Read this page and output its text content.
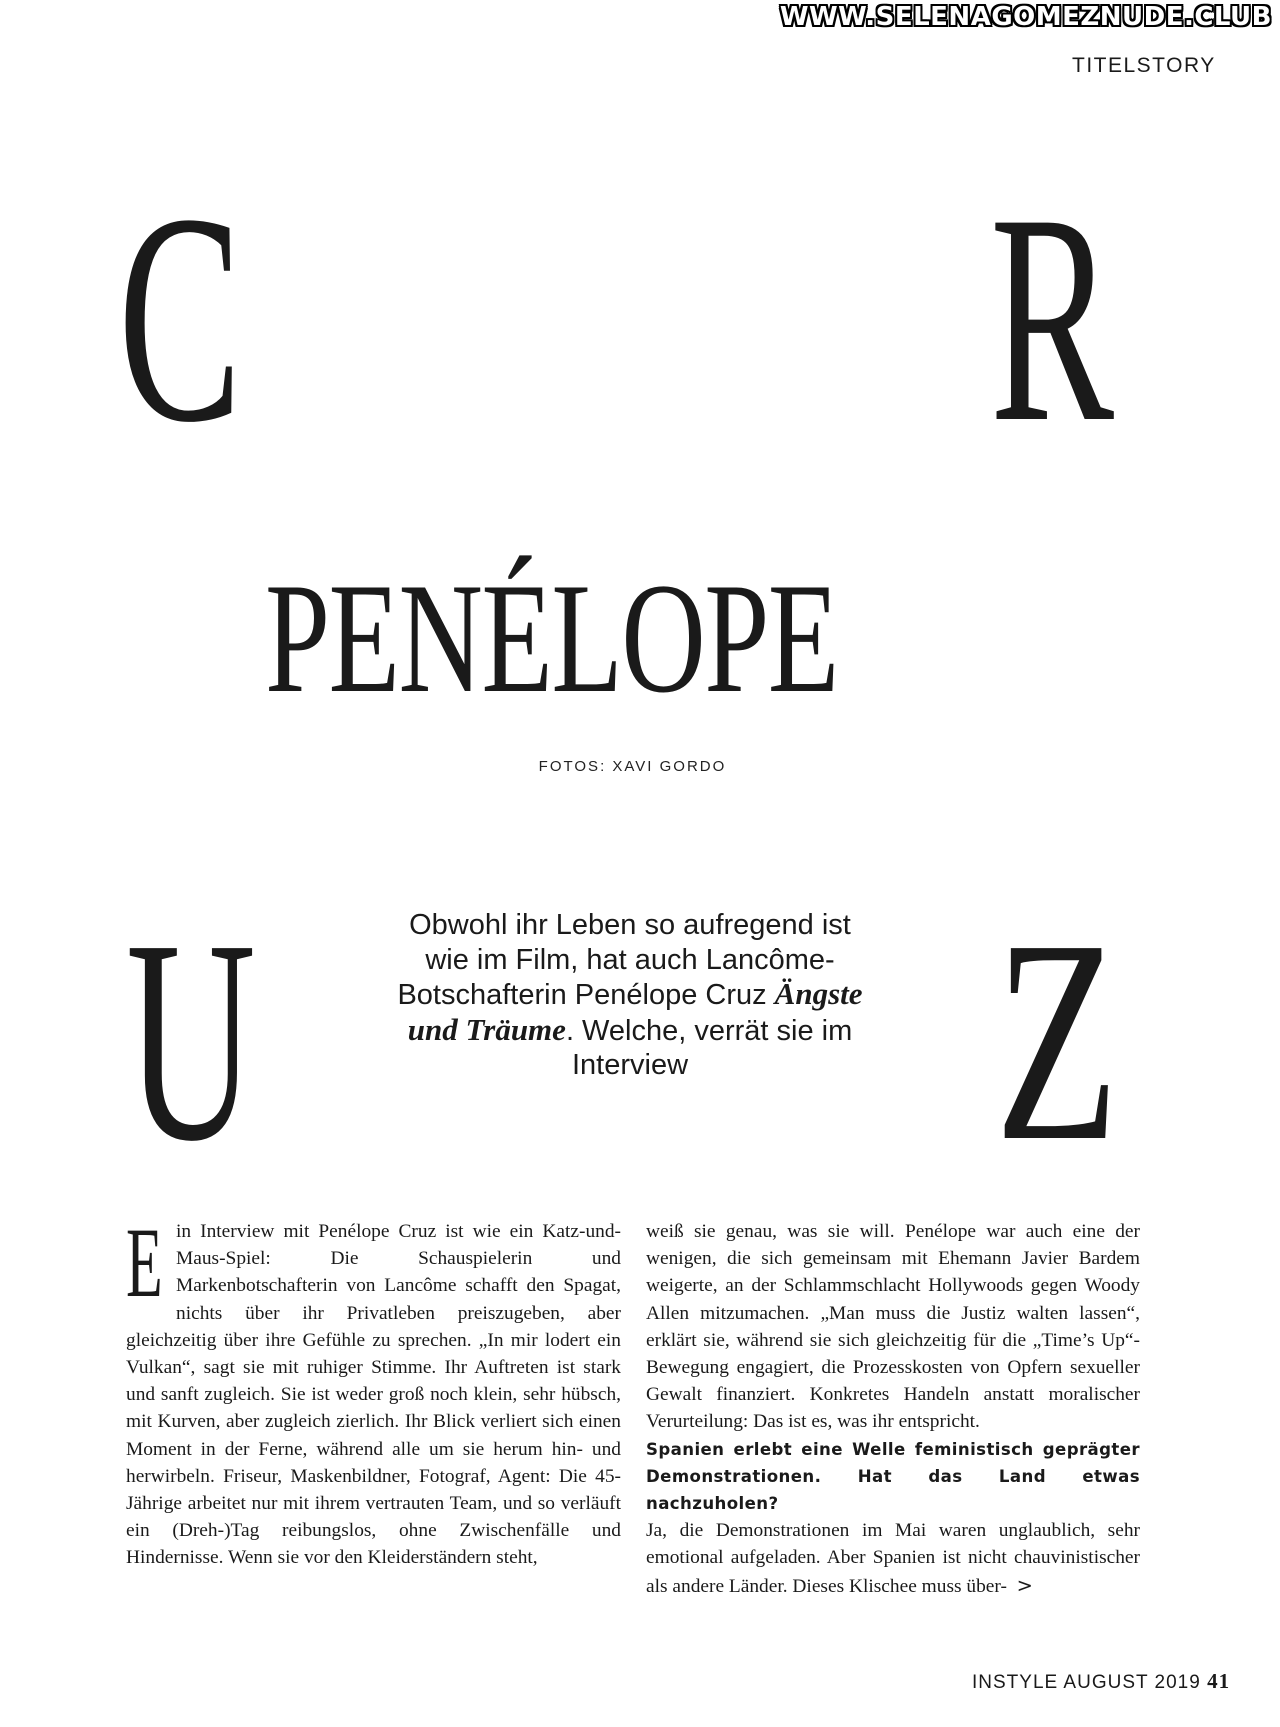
WWW.SELENAGOMEZNUDE.CLUB
TITELSTORY
C R
PENÉLOPE
FOTOS: XAVI GORDO
U	Z
Obwohl ihr Leben so aufregend ist wie im Film, hat auch Lancôme-Botschafterin Penélope Cruz Ängste und Träume. Welche, verrät sie im Interview
Ein Interview mit Penélope Cruz ist wie ein Katz-und-Maus-Spiel: Die Schauspielerin und Markenbotschafterin von Lancôme schafft den Spagat, nichts über ihr Privatleben preiszugeben, aber gleichzeitig über ihre Gefühle zu sprechen. „In mir lodert ein Vulkan“, sagt sie mit ruhiger Stimme. Ihr Auftreten ist stark und sanft zugleich. Sie ist weder groß noch klein, sehr hübsch, mit Kurven, aber zugleich zierlich. Ihr Blick verliert sich einen Moment in der Ferne, während alle um sie herum hin- und herwirbeln. Friseur, Maskenbildner, Fotograf, Agent: Die 45-Jährige arbeitet nur mit ihrem vertrauten Team, und so verläuft ein (Dreh-)Tag reibungslos, ohne Zwischenfälle und Hindernisse. Wenn sie vor den Kleiderständern steht,
weiß sie genau, was sie will. Penélope war auch eine der wenigen, die sich gemeinsam mit Ehemann Javier Bardem weigerte, an der Schlammschlacht Hollywoods gegen Woody Allen mitzumachen. „Man muss die Justiz walten lassen“, erklärt sie, während sie sich gleichzeitig für die „Time’s Up“-Bewegung engagiert, die Prozesskosten von Opfern sexueller Gewalt finanziert. Konkretes Handeln anstatt moralischer Verurteilung: Das ist es, was ihr entspricht.
Spanien erlebt eine Welle feministisch geprägter Demonstrationen. Hat das Land etwas nachzuholen?
Ja, die Demonstrationen im Mai waren unglaublich, sehr emotional aufgeladen. Aber Spanien ist nicht chauvinistischer als andere Länder. Dieses Klischee muss über- >
INSTYLE AUGUST 2019 41
